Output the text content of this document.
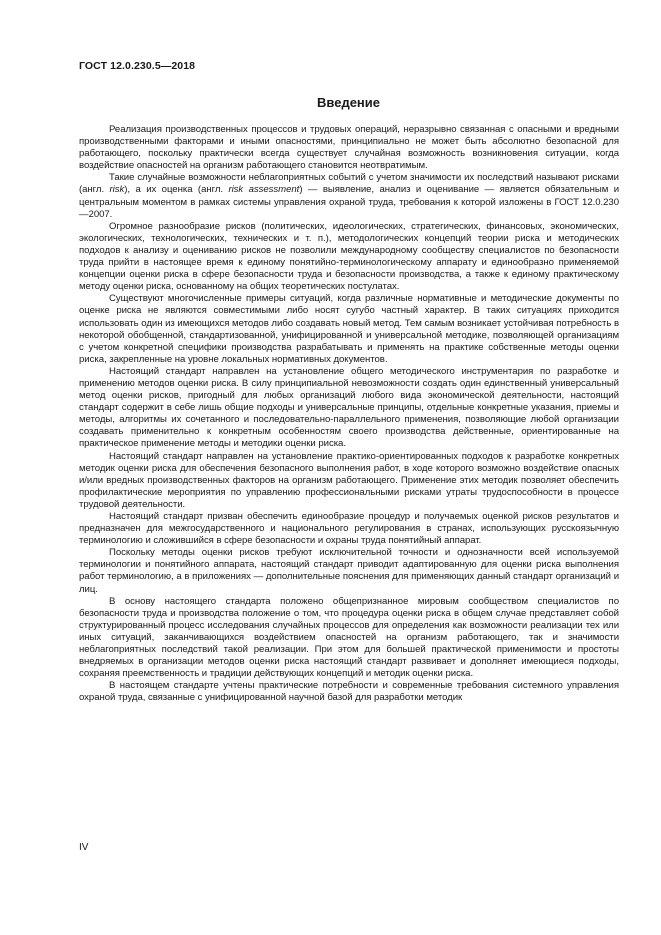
ГОСТ 12.0.230.5—2018
Введение

Реализация производственных процессов и трудовых операций, неразрывно связанная с опасными и вредными производственными факторами и иными опасностями, принципиально не может быть абсолютно безопасной для работающего, поскольку практически всегда существует случайная возможность возникновения ситуации, когда воздействие опасностей на организм работающего становится неотвратимым.

Такие случайные возможности неблагоприятных событий с учетом значимости их последствий называют рисками (англ. risk), а их оценка (англ. risk assessment) — выявление, анализ и оценивание — является обязательным и центральным моментом в рамках системы управления охраной труда, требования к которой изложены в ГОСТ 12.0.230—2007.

Огромное разнообразие рисков (политических, идеологических, стратегических, финансовых, экономических, экологических, технологических, технических и т. п.), методологических концепций теории риска и методических подходов к анализу и оцениванию рисков не позволили международному сообществу специалистов по безопасности труда прийти в настоящее время к единому понятийно-терминологическому аппарату и единообразно применяемой концепции оценки риска в сфере безопасности труда и безопасности производства, а также к единому практическому методу оценки риска, основанному на общих теоретических постулатах.

Существуют многочисленные примеры ситуаций, когда различные нормативные и методические документы по оценке риска не являются совместимыми либо носят сугубо частный характер. В таких ситуациях приходится использовать один из имеющихся методов либо создавать новый метод. Тем самым возникает устойчивая потребность в некоторой обобщенной, стандартизованной, унифицированной и универсальной методике, позволяющей организациям с учетом конкретной специфики производства разрабатывать и применять на практике собственные методы оценки риска, закрепленные на уровне локальных нормативных документов.

Настоящий стандарт направлен на установление общего методического инструментария по разработке и применению методов оценки риска. В силу принципиальной невозможности создать один единственный универсальный метод оценки рисков, пригодный для любых организаций любого вида экономической деятельности, настоящий стандарт содержит в себе лишь общие подходы и универсальные принципы, отдельные конкретные указания, приемы и методы, алгоритмы их сочетанного и последовательно-параллельного применения, позволяющие любой организации создавать применительно к конкретным особенностям своего производства действенные, ориентированные на практическое применение методы и методики оценки риска.

Настоящий стандарт направлен на установление практико-ориентированных подходов к разработке конкретных методик оценки риска для обеспечения безопасного выполнения работ, в ходе которого возможно воздействие опасных и/или вредных производственных факторов на организм работающего. Применение этих методик позволяет обеспечить профилактические мероприятия по управлению профессиональными рисками утраты трудоспособности в процессе трудовой деятельности.

Настоящий стандарт призван обеспечить единообразие процедур и получаемых оценкой рисков результатов и предназначен для межгосударственного и национального регулирования в странах, использующих русскоязычную терминологию и сложившийся в сфере безопасности и охраны труда понятийный аппарат.

Поскольку методы оценки рисков требуют исключительной точности и однозначности всей используемой терминологии и понятийного аппарата, настоящий стандарт приводит адаптированную для оценки риска выполнения работ терминологию, а в приложениях — дополнительные пояснения для применяющих данный стандарт организаций и лиц.

В основу настоящего стандарта положено общепризнанное мировым сообществом специалистов по безопасности труда и производства положение о том, что процедура оценки риска в общем случае представляет собой структурированный процесс исследования случайных процессов для определения как возможности реализации тех или иных ситуаций, заканчивающихся воздействием опасностей на организм работающего, так и значимости неблагоприятных последствий такой реализации. При этом для большей практической применимости и простоты внедряемых в организации методов оценки риска настоящий стандарт развивает и дополняет имеющиеся подходы, сохраняя преемственность и традиции действующих концепций и методик оценки риска.

В настоящем стандарте учтены практические потребности и современные требования системного управления охраной труда, связанные с унифицированной научной базой для разработки методик

IV
